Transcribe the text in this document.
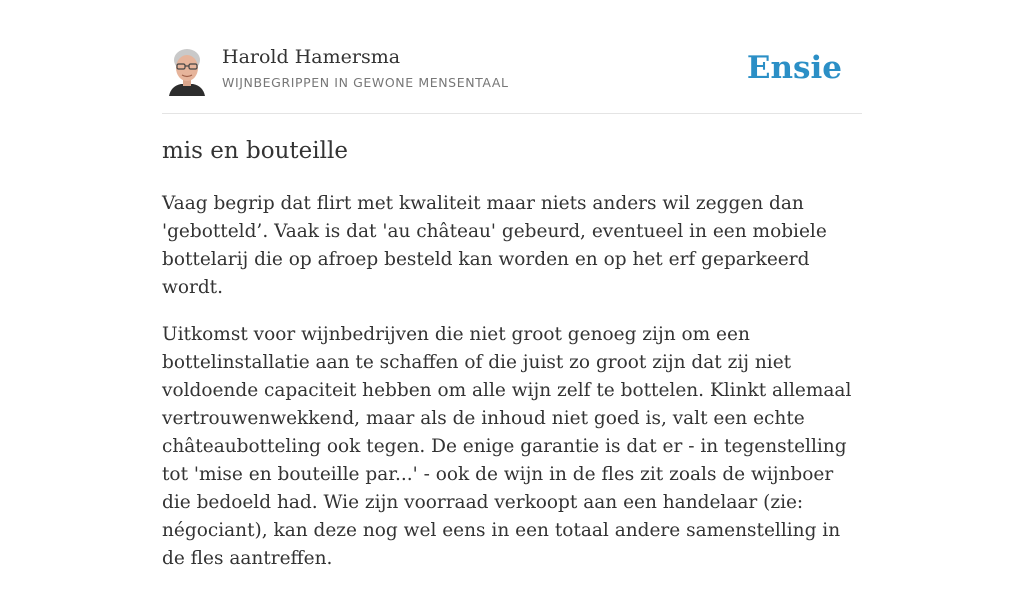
Harold Hamersma
WIJNBEGRIPPEN IN GEWONE MENSENTAAL	Ensie
mis en bouteille

Vaag begrip dat flirt met kwaliteit maar niets anders wil zeggen dan 'gebotteld’. Vaak is dat 'au château' gebeurd, eventueel in een mobiele bottelarij die op afroep besteld kan worden en op het erf geparkeerd wordt.

Uitkomst voor wijnbedrijven die niet groot genoeg zijn om een bottelinstallatie aan te schaffen of die juist zo groot zijn dat zij niet voldoende capaciteit hebben om alle wijn zelf te bottelen. Klinkt allemaal vertrouwenwekkend, maar als de inhoud niet goed is, valt een echte châteaubotteling ook tegen. De enige garantie is dat er - in tegenstelling tot 'mise en bouteille par...' - ook de wijn in de fles zit zoals de wijnboer die bedoeld had. Wie zijn voorraad verkoopt aan een handelaar (zie: négociant), kan deze nog wel eens in een totaal andere samenstelling in de fles aantreffen.
